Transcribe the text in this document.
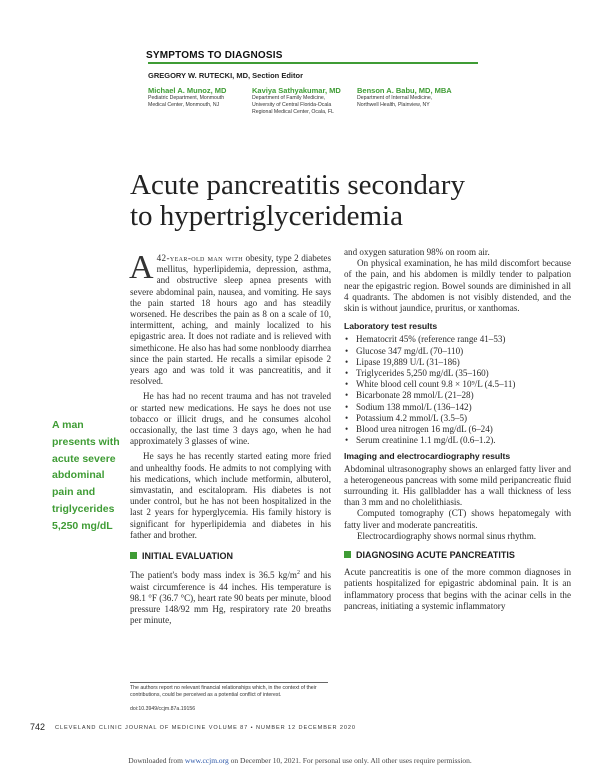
SYMPTOMS TO DIAGNOSIS
GREGORY W. RUTECKI, MD, Section Editor
Michael A. Munoz, MD
Pediatric Department, Monmouth
Medical Center, Monmouth, NJ
Kaviya Sathyakumar, MD
Department of Family Medicine,
University of Central Florida-Ocala
Regional Medical Center, Ocala, FL
Benson A. Babu, MD, MBA
Department of Internal Medicine,
Northwell Health, Plainview, NY
Acute pancreatitis secondary
to hypertriglyceridemia
A man presents with acute severe abdominal pain and triglycerides 5,250 mg/dL

A 42-year-old man with obesity, type 2 diabetes mellitus, hyperlipidemia, depression, asthma, and obstructive sleep apnea presents with severe abdominal pain, nausea, and vomiting. He says the pain started 18 hours ago and has steadily worsened. He describes the pain as 8 on a scale of 10, intermittent, aching, and mainly localized to his epigastric area. It does not radiate and is relieved with simethicone. He also has had some nonbloody diarrhea since the pain started. He recalls a similar episode 2 years ago and was told it was pancreatitis, and it resolved.

He has had no recent trauma and has not traveled or started new medications. He says he does not use tobacco or illicit drugs, and he consumes alcohol occasionally, the last time 3 days ago, when he had approximately 3 glasses of wine.

He says he has recently started eating more fried and unhealthy foods. He admits to not complying with his medications, which include metformin, albuterol, simvastatin, and escitalopram. His diabetes is not under control, but he has not been hospitalized in the last 2 years for hyperglycemia. His family history is significant for hyperlipidemia and diabetes in his father and brother.

INITIAL EVALUATION

The patient's body mass index is 36.5 $kg/m^2$ and his waist circumference is 44 inches. His temperature is 98.1 °F (36.7 °C), heart rate 90 beats per minute, blood pressure 148/92 mm Hg, respiratory rate 20 breaths per minute,

and oxygen saturation 98% on room air.

On physical examination, he has mild discomfort because of the pain, and his abdomen is mildly tender to palpation near the epigastric region. Bowel sounds are diminished in all 4 quadrants. The abdomen is not visibly distended, and the skin is without jaundice, pruritus, or xanthomas.

Laboratory test results
• Hematocrit 45% (reference range 41–53)
• Glucose 347 mg/dL (70–110)
• Lipase 19,889 U/L (31–186)
• Triglycerides 5,250 mg/dL (35–160)
• White blood cell count 9.8 × 10⁹/L (4.5–11)
• Bicarbonate 28 mmol/L (21–28)
• Sodium 138 mmol/L (136–142)
• Potassium 4.2 mmol/L (3.5–5)
• Blood urea nitrogen 16 mg/dL (6–24)
• Serum creatinine 1.1 mg/dL (0.6–1.2).
Imaging and electrocardiography results

Abdominal ultrasonography shows an enlarged fatty liver and a heterogeneous pancreas with some mild peripancreatic fluid surrounding it. His gallbladder has a wall thickness of less than 3 mm and no cholelithiasis.

Computed tomography (CT) shows hepatomegaly with fatty liver and moderate pancreatitis.

Electrocardiography shows normal sinus rhythm.

DIAGNOSING ACUTE PANCREATITIS

Acute pancreatitis is one of the more common diagnoses in patients hospitalized for epigastric abdominal pain. It is an inflammatory process that begins with the acinar cells in the pancreas, initiating a systemic inflammatory

The authors report no relevant financial relationships which, in the context of their contributions, could be perceived as a potential conflict of interest.
doi:10.3949/ccjm.87a.19156
742 CLEVELAND CLINIC JOURNAL OF MEDICINE VOLUME 87 • NUMBER 12 DECEMBER 2020
Downloaded from www.ccjm.org on December 10, 2021. For personal use only. All other uses require permission.
